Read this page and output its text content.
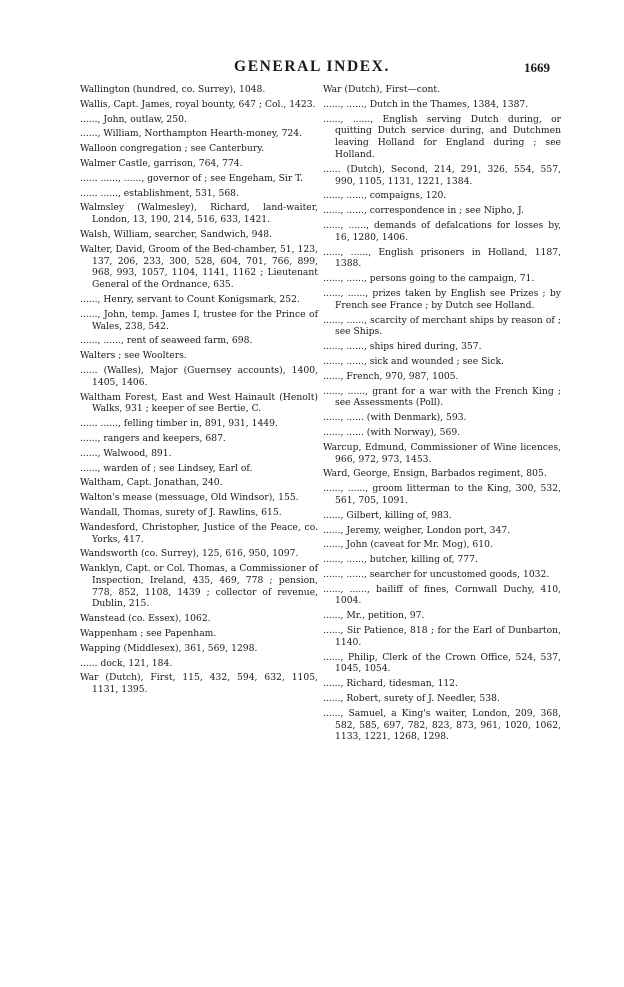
GENERAL INDEX.	1669

Wallington (hundred, co. Surrey), 1048.

Wallis, Capt. James, royal bounty, 647 ; Col., 1423.

......, John, outlaw, 250.

......, William, Northampton Hearth-money, 724.

Walloon congregation ; see Canterbury.

Walmer Castle, garrison, 764, 774.

...... ......, ......, governor of ; see Engeham, Sir T.

...... ......, establishment, 531, 568.

Walmsley (Walmesley), Richard, land-waiter, London, 13, 190, 214, 516, 633, 1421.

Walsh, William, searcher, Sandwich, 948.

Walter, David, Groom of the Bed-chamber, 51, 123, 137, 206, 233, 300, 528, 604, 701, 766, 899, 968, 993, 1057, 1104, 1141, 1162 ; Lieutenant General of the Ordnance, 635.

......, Henry, servant to Count Konigsmark, 252.

......, John, temp. James I, trustee for the Prince of Wales, 238, 542.

......, ......, rent of seaweed farm, 698.

Walters ; see Woolters.

...... (Walles), Major (Guernsey accounts), 1400, 1405, 1406.

Waltham Forest, East and West Hainault (Henolt) Walks, 931 ; keeper of see Bertie, C.

...... ......, felling timber in, 891, 931, 1449.

......, rangers and keepers, 687.

......, Walwood, 891.

......, warden of ; see Lindsey, Earl of.

Waltham, Capt. Jonathan, 240.

Walton's mease (messuage, Old Windsor), 155.

Wandall, Thomas, surety of J. Rawlins, 615.

Wandesford, Christopher, Justice of the Peace, co. Yorks, 417.

Wandsworth (co. Surrey), 125, 616, 950, 1097.

Wanklyn, Capt. or Col. Thomas, a Commissioner of Inspection, Ireland, 435, 469, 778 ; pension, 778, 852, 1108, 1439 ; collector of revenue, Dublin, 215.

Wanstead (co. Essex), 1062.

Wappenham ; see Papenham.

Wapping (Middlesex), 361, 569, 1298.

...... dock, 121, 184.

War (Dutch), First, 115, 432, 594, 632, 1105, 1131, 1395.

War (Dutch), First—cont.

......, ......, Dutch in the Thames, 1384, 1387.

......, ......, English serving Dutch during, or quitting Dutch service during, and Dutchmen leaving Holland for England during ; see Holland.

...... (Dutch), Second, 214, 291, 326, 554, 557, 990, 1105, 1131, 1221, 1384.

......, ......, compaigns, 120.

......, ......, correspondence in ; see Nipho, J.

......, ......, demands of defalcations for losses by, 16, 1280, 1406.

......, ......, English prisoners in Holland, 1187, 1388.

......, ......, persons going to the campaign, 71.

......, ......, prizes taken by English see Prizes ; by French see France ; by Dutch see Holland.

......, ......, scarcity of merchant ships by reason of ; see Ships.

......, ......, ships hired during, 357.

......, ......, sick and wounded ; see Sick.

......, French, 970, 987, 1005.

......, ......, grant for a war with the French King ; see Assessments (Poll).

......, ...... (with Denmark), 593.

......, ...... (with Norway), 569.

Warcup, Edmund, Commissioner of Wine licences, 966, 972, 973, 1453.

Ward, George, Ensign, Barbados regiment, 805.

......, ......, groom litterman to the King, 300, 532, 561, 705, 1091.

......, Gilbert, killing of, 983.

......, Jeremy, weigher, London port, 347.

......, John (caveat for Mr. Mog), 610.

......, ......, butcher, killing of, 777.

......, ......, searcher for uncustomed goods, 1032.

......, ......, bailiff of fines, Cornwall Duchy, 410, 1004.

......, Mr., petition, 97.

......, Sir Patience, 818 ; for the Earl of Dunbarton, 1140.

......, Philip, Clerk of the Crown Office, 524, 537, 1045, 1054.

......, Richard, tidesman, 112.

......, Robert, surety of J. Needler, 538.

......, Samuel, a King's waiter, London, 209, 368, 582, 585, 697, 782, 823, 873, 961, 1020, 1062, 1133, 1221, 1268, 1298.
